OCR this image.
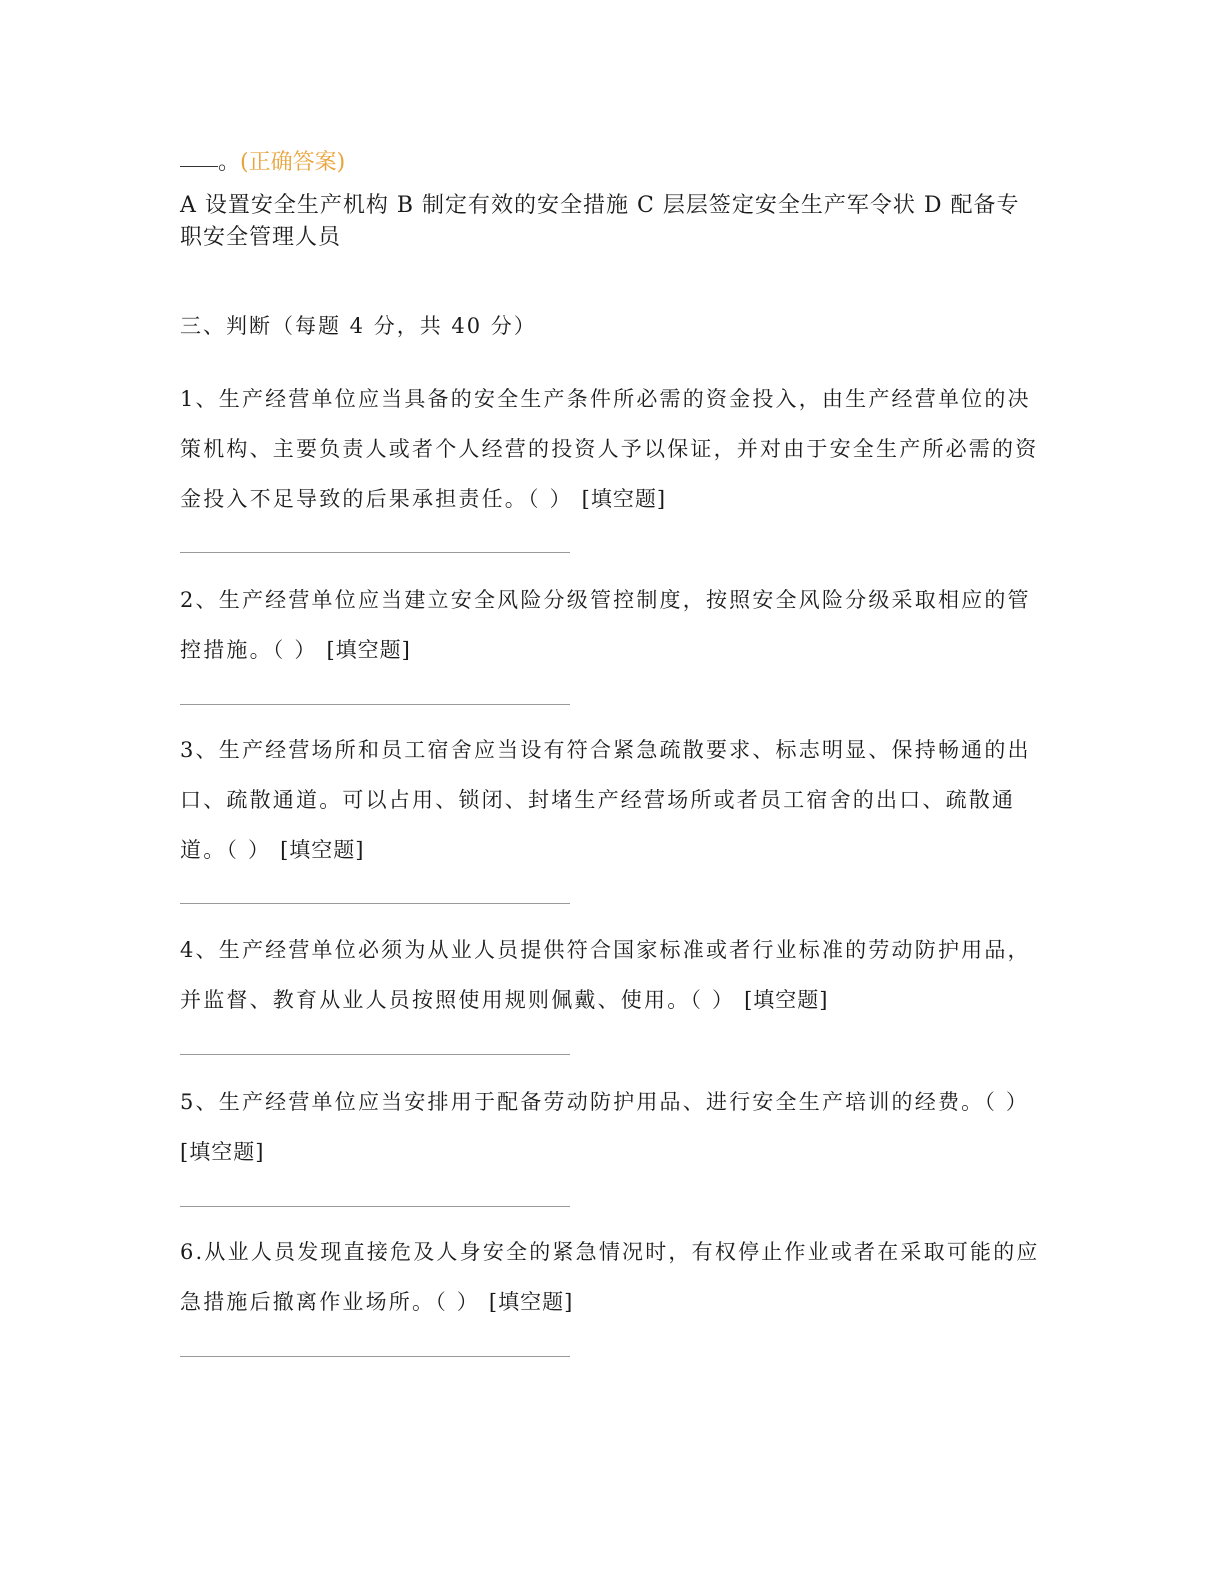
。(正确答案)
A 设置安全生产机构 B 制定有效的安全措施 C 层层签定安全生产军令状 D 配备专职安全管理人员
三、判断（每题 4 分，共 40 分）
1、生产经营单位应当具备的安全生产条件所必需的资金投入，由生产经营单位的决策机构、主要负责人或者个人经营的投资人予以保证，并对由于安全生产所必需的资金投入不足导致的后果承担责任。（ ） [填空题]
2、生产经营单位应当建立安全风险分级管控制度，按照安全风险分级采取相应的管控措施。（ ） [填空题]
3、生产经营场所和员工宿舍应当设有符合紧急疏散要求、标志明显、保持畅通的出口、疏散通道。可以占用、锁闭、封堵生产经营场所或者员工宿舍的出口、疏散通道。（ ） [填空题]
4、生产经营单位必须为从业人员提供符合国家标准或者行业标准的劳动防护用品，并监督、教育从业人员按照使用规则佩戴、使用。（ ） [填空题]
5、生产经营单位应当安排用于配备劳动防护用品、进行安全生产培训的经费。（ ） [填空题]
6.从业人员发现直接危及人身安全的紧急情况时，有权停止作业或者在采取可能的应急措施后撤离作业场所。（ ） [填空题]
